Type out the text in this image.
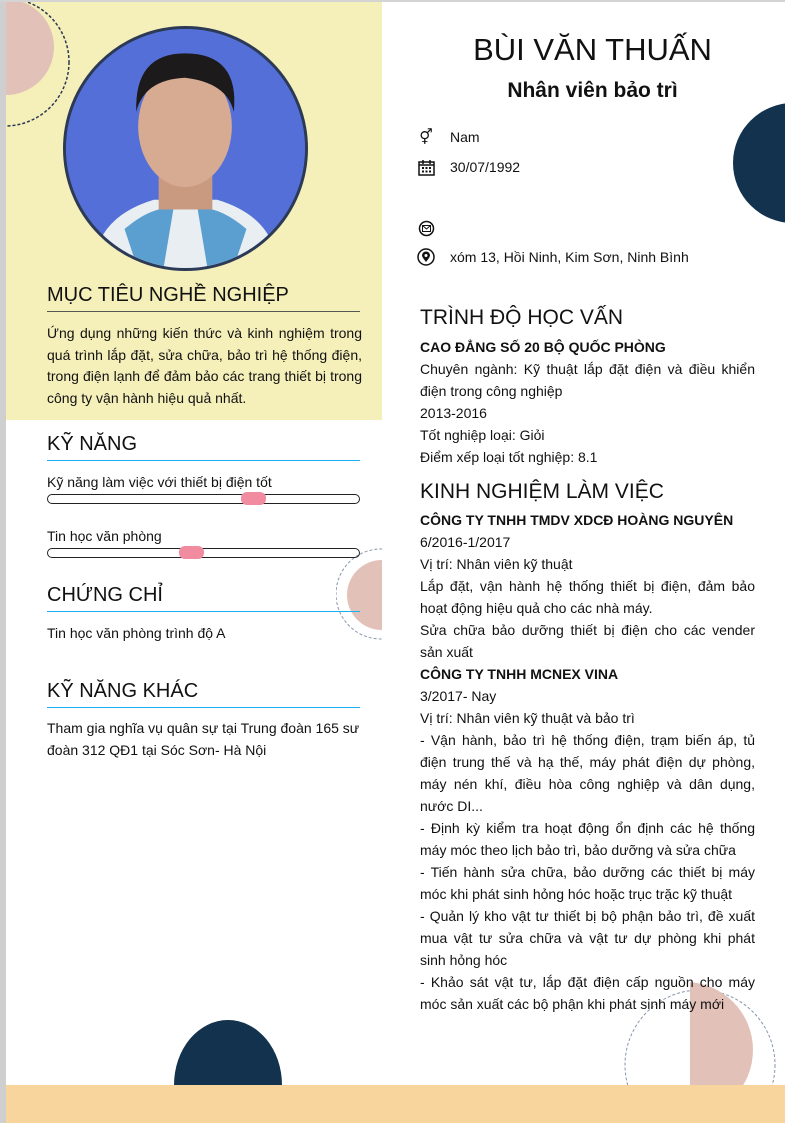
MỤC TIÊU NGHỀ NGHIỆP
Ứng dụng những kiến thức và kinh nghiệm trong quá trình lắp đặt, sửa chữa, bảo trì hệ thống điện, trong điện lạnh để đảm bảo các trang thiết bị trong công ty vận hành hiệu quả nhất.
KỸ NĂNG
Kỹ năng làm việc với thiết bị điện tốt
Tin học văn phòng
CHỨNG CHỈ
Tin học văn phòng trình độ A
KỸ NĂNG KHÁC
Tham gia nghĩa vụ quân sự tại Trung đoàn 165 sư đoàn 312 QĐ1 tại Sóc Sơn- Hà Nội
BÙI VĂN THUẤN
Nhân viên bảo trì
⚥ Nam
30/07/1992
xóm 13, Hồi Ninh, Kim Sơn, Ninh Bình
TRÌNH ĐỘ HỌC VẤN
CAO ĐẲNG SỐ 20 BỘ QUỐC PHÒNG
Chuyên ngành: Kỹ thuật lắp đặt điện và điều khiển điện trong công nghiệp
2013-2016
Tốt nghiệp loại: Giỏi
Điểm xếp loại tốt nghiệp: 8.1
KINH NGHIỆM LÀM VIỆC
CÔNG TY TNHH TMDV XDCĐ HOÀNG NGUYÊN
6/2016-1/2017
Vị trí: Nhân viên kỹ thuật
Lắp đặt, vận hành hệ thống thiết bị điện, đảm bảo hoạt động hiệu quả cho các nhà máy.
Sửa chữa bảo dưỡng thiết bị điện cho các vender sản xuất
CÔNG TY TNHH MCNEX VINA
3/2017- Nay
Vị trí: Nhân viên kỹ thuật và bảo trì
- Vận hành, bảo trì hệ thống điện, trạm biến áp, tủ điện trung thế và hạ thế, máy phát điện dự phòng, máy nén khí, điều hòa công nghiệp và dân dụng, nước DI...
- Định kỳ kiểm tra hoạt động ổn định các hệ thống máy móc theo lịch bảo trì, bảo dưỡng và sửa chữa
- Tiến hành sửa chữa, bảo dưỡng các thiết bị máy móc khi phát sinh hỏng hóc hoặc trục trặc kỹ thuật
- Quản lý kho vật tư thiết bị bộ phận bảo trì, đề xuất mua vật tư sửa chữa và vật tư dự phòng khi phát sinh hỏng hóc
- Khảo sát vật tư, lắp đặt điện cấp nguồn cho máy móc sản xuất các bộ phận khi phát sinh máy mới
